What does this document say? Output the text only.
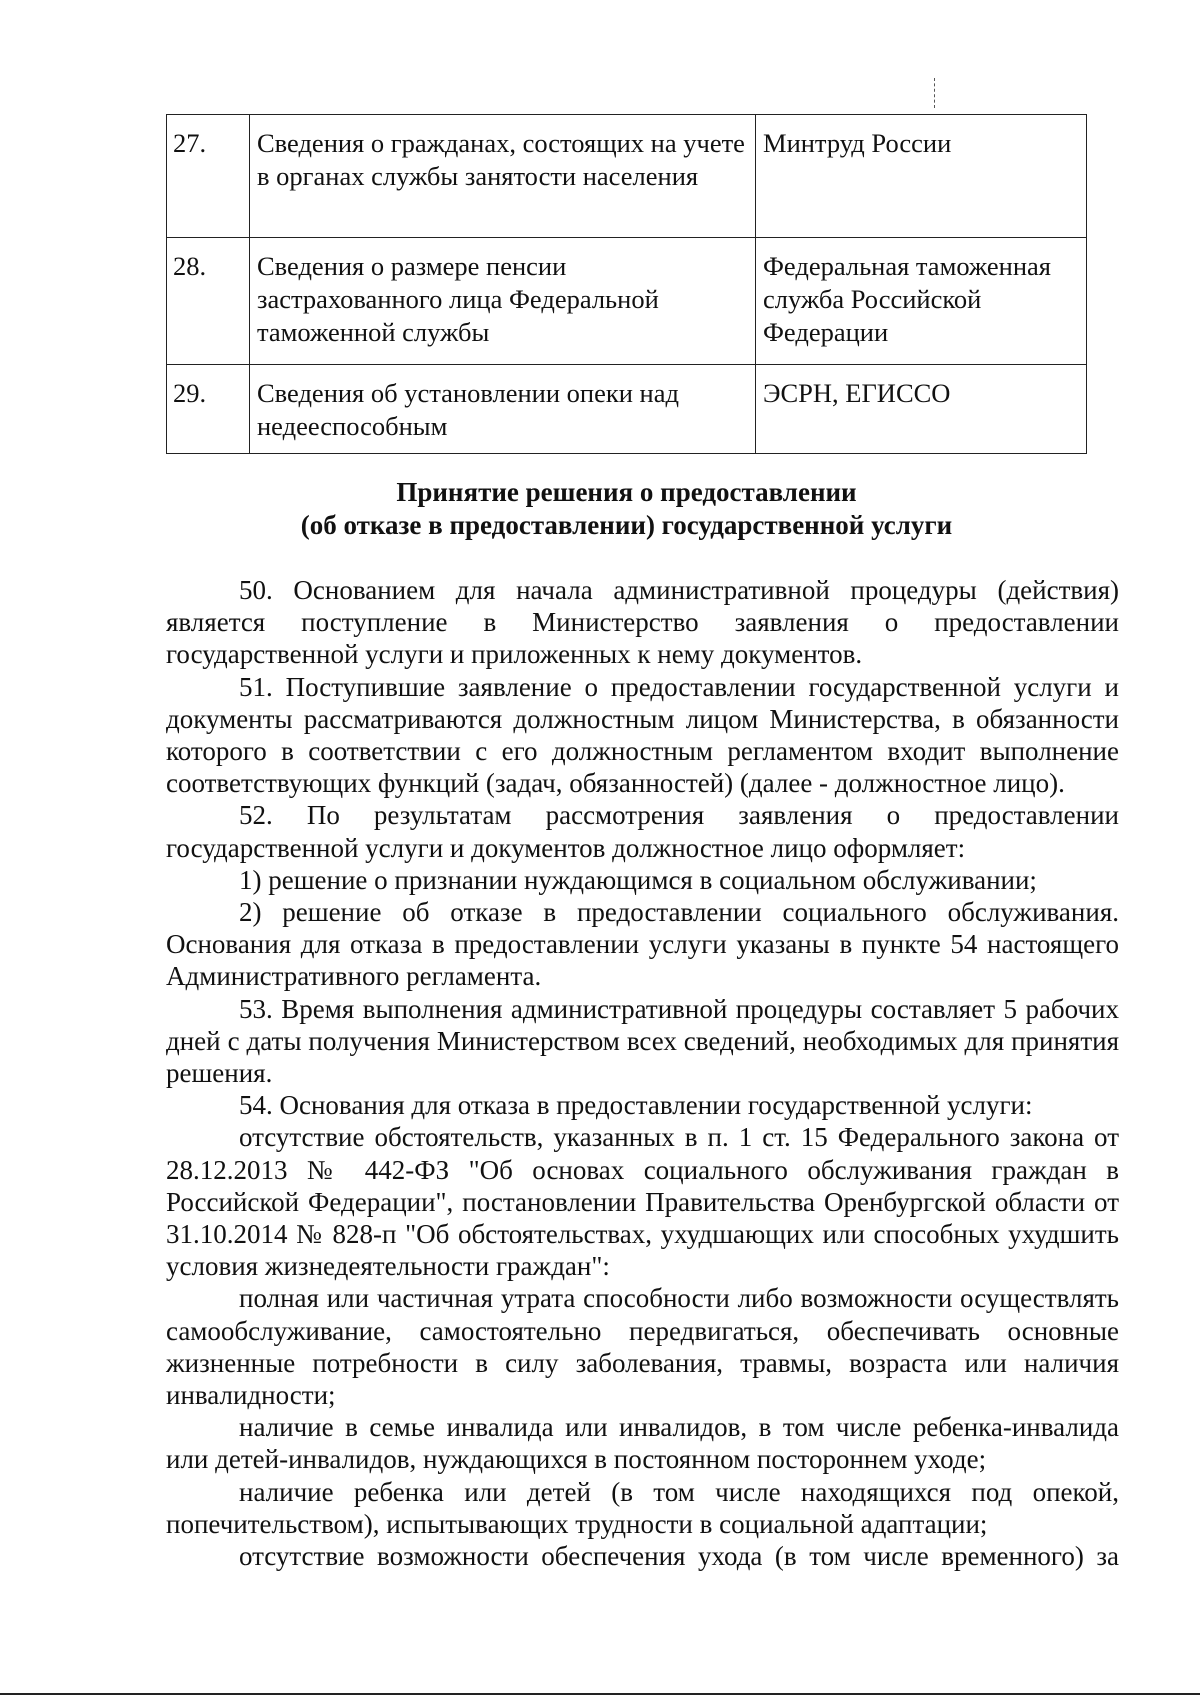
27.	Сведения о гражданах, состоящих на учете в органах службы занятости населения	Минтруд России
28.	Сведения о размере пенсии застрахованного лица Федеральной таможенной службы	Федеральная таможенная служба Российской Федерации
29.	Сведения об установлении опеки над недееспособным	ЭСРН, ЕГИССО
Принятие решения о предоставлении
(об отказе в предоставлении) государственной услуги

50. Основанием для начала административной процедуры (действия) является поступление в Министерство заявления о предоставлении государственной услуги и приложенных к нему документов.

51. Поступившие заявление о предоставлении государственной услуги и документы рассматриваются должностным лицом Министерства, в обязанности которого в соответствии с его должностным регламентом входит выполнение соответствующих функций (задач, обязанностей) (далее - должностное лицо).

52. По результатам рассмотрения заявления о предоставлении государственной услуги и документов должностное лицо оформляет:

1) решение о признании нуждающимся в социальном обслуживании;

2) решение об отказе в предоставлении социального обслуживания. Основания для отказа в предоставлении услуги указаны в пункте 54 настоящего Административного регламента.

53. Время выполнения административной процедуры составляет 5 рабочих дней с даты получения Министерством всех сведений, необходимых для принятия решения.

54. Основания для отказа в предоставлении государственной услуги:

отсутствие обстоятельств, указанных в п. 1 ст. 15 Федерального закона от 28.12.2013 № 442-ФЗ "Об основах социального обслуживания граждан в Российской Федерации", постановлении Правительства Оренбургской области от 31.10.2014 № 828-п "Об обстоятельствах, ухудшающих или способных ухудшить условия жизнедеятельности граждан":

полная или частичная утрата способности либо возможности осуществлять самообслуживание, самостоятельно передвигаться, обеспечивать основные жизненные потребности в силу заболевания, травмы, возраста или наличия инвалидности;

наличие в семье инвалида или инвалидов, в том числе ребенка-инвалида или детей-инвалидов, нуждающихся в постоянном постороннем уходе;

наличие ребенка или детей (в том числе находящихся под опекой, попечительством), испытывающих трудности в социальной адаптации;

отсутствие возможности обеспечения ухода (в том числе временного) за
